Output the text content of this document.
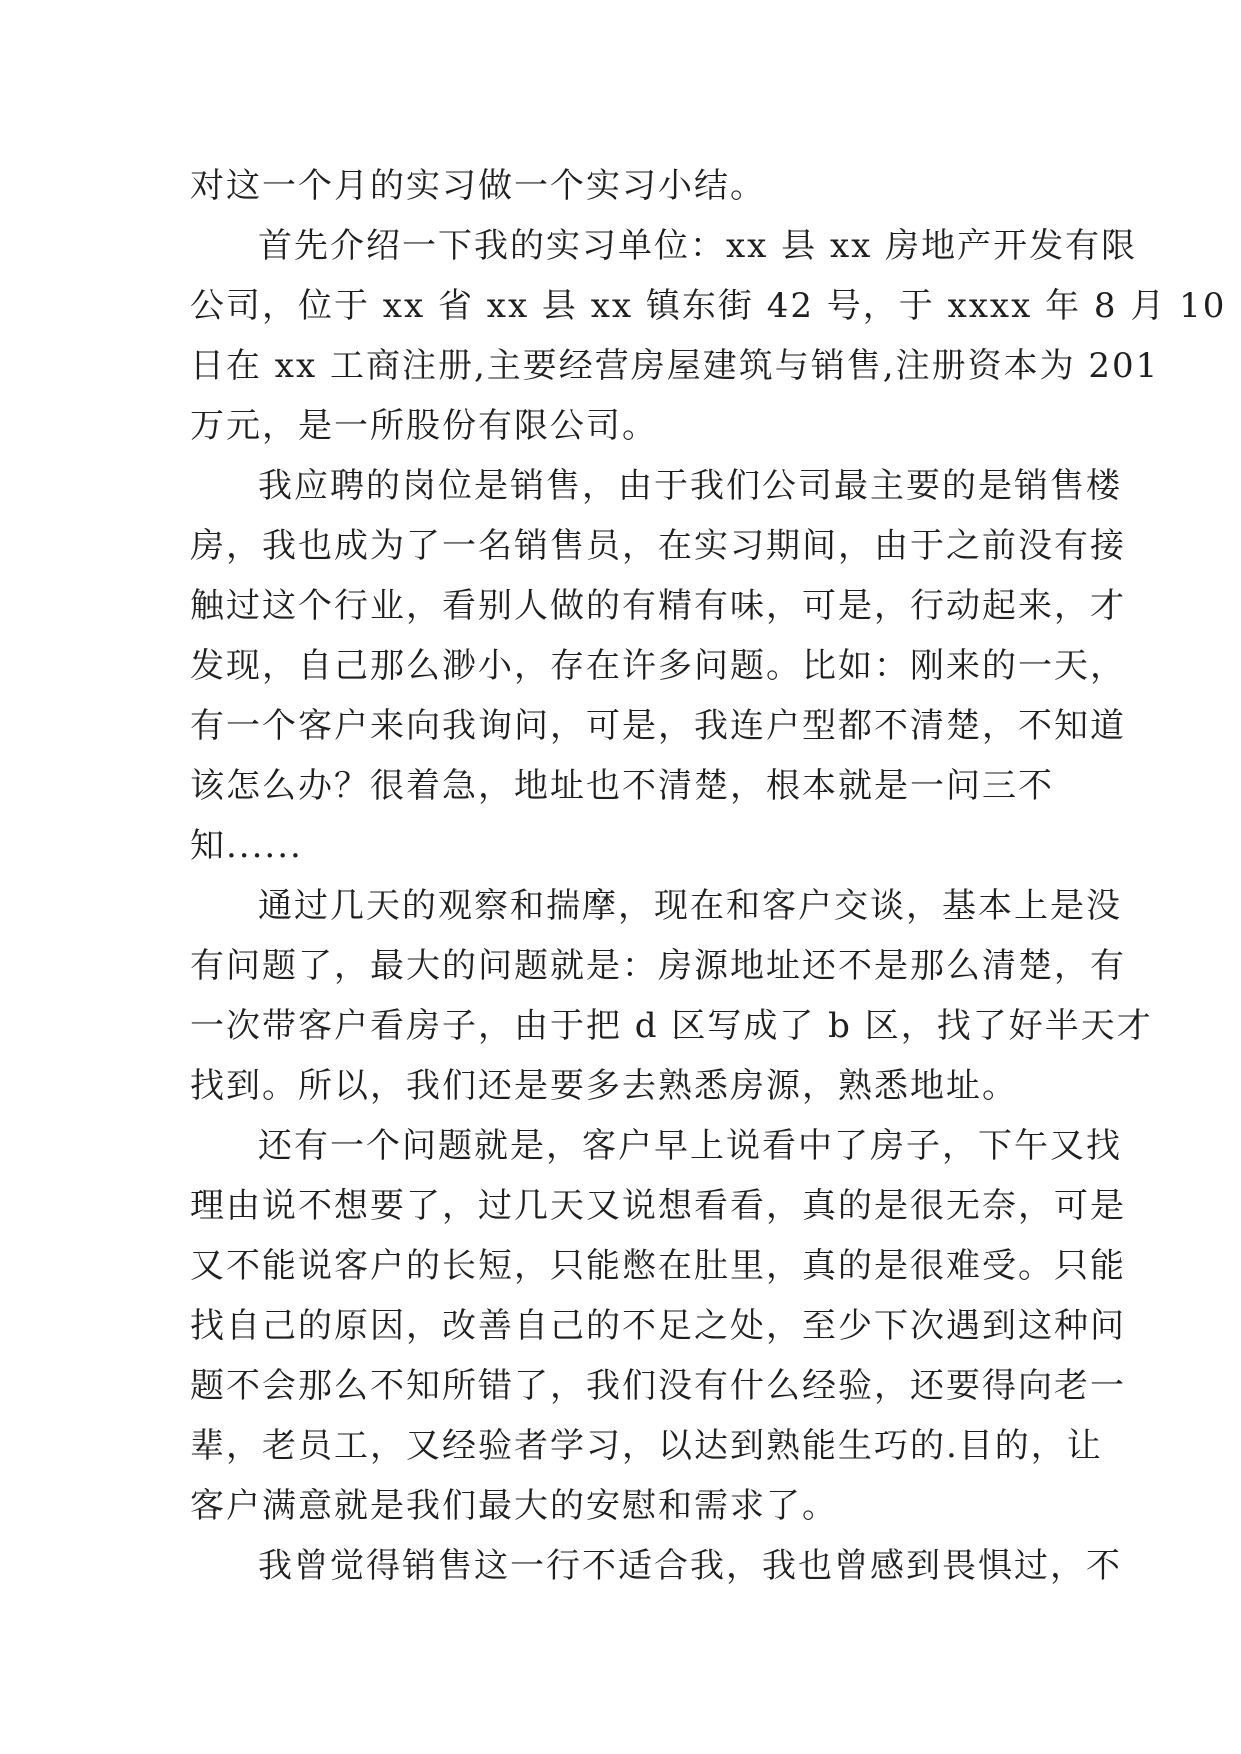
对这一个月的实习做一个实习小结。
首先介绍一下我的实习单位：xx 县 xx 房地产开发有限
公司，位于 xx 省 xx 县 xx 镇东街 42 号，于 xxxx 年 8 月 10
日在 xx 工商注册,主要经营房屋建筑与销售,注册资本为 201
万元，是一所股份有限公司。
我应聘的岗位是销售，由于我们公司最主要的是销售楼
房，我也成为了一名销售员，在实习期间，由于之前没有接
触过这个行业，看别人做的有精有味，可是，行动起来，才
发现，自己那么渺小，存在许多问题。比如：刚来的一天，
有一个客户来向我询问，可是，我连户型都不清楚，不知道
该怎么办？很着急，地址也不清楚，根本就是一问三不
知......
通过几天的观察和揣摩，现在和客户交谈，基本上是没
有问题了，最大的问题就是：房源地址还不是那么清楚，有
一次带客户看房子，由于把 d 区写成了 b 区，找了好半天才
找到。所以，我们还是要多去熟悉房源，熟悉地址。
还有一个问题就是，客户早上说看中了房子，下午又找
理由说不想要了，过几天又说想看看，真的是很无奈，可是
又不能说客户的长短，只能憋在肚里，真的是很难受。只能
找自己的原因，改善自己的不足之处，至少下次遇到这种问
题不会那么不知所错了，我们没有什么经验，还要得向老一
辈，老员工，又经验者学习，以达到熟能生巧的.目的，让
客户满意就是我们最大的安慰和需求了。
我曾觉得销售这一行不适合我，我也曾感到畏惧过，不
